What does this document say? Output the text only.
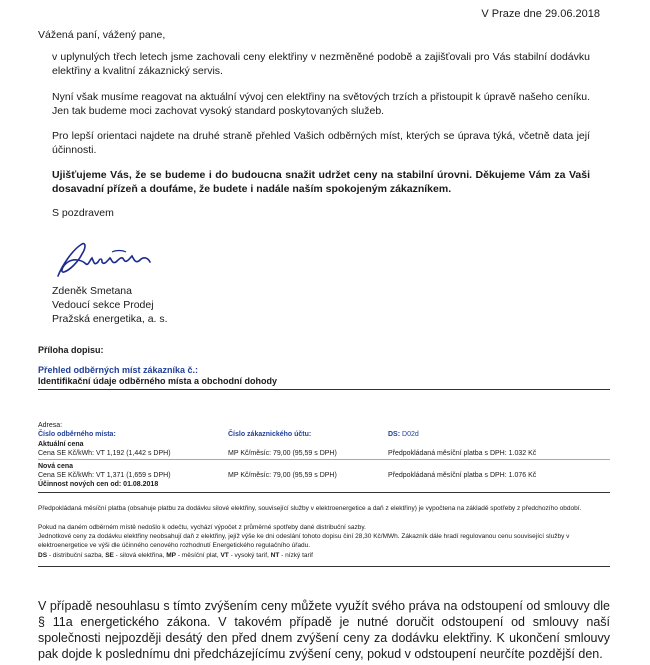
V Praze dne 29.06.2018
Vážená paní, vážený pane,
v uplynulých třech letech jsme zachovali ceny elektřiny v nezměněné podobě a zajišťovali pro Vás stabilní dodávku elektřiny a kvalitní zákaznický servis.
Nyní však musíme reagovat na aktuální vývoj cen elektřiny na světových trzích a přistoupit k úpravě našeho ceníku. Jen tak budeme moci zachovat vysoký standard poskytovaných služeb.
Pro lepší orientaci najdete na druhé straně přehled Vašich odběrných míst, kterých se úprava týká, včetně data její účinnosti.
Ujišťujeme Vás, že se budeme i do budoucna snažit udržet ceny na stabilní úrovni. Děkujeme Vám za Vaši dosavadní přízeň a doufáme, že budete i nadále naším spokojeným zákazníkem.
S pozdravem
Zdeněk Smetana
Vedoucí sekce Prodej
Pražská energetika, a. s.
Příloha dopisu:
Přehled odběrných míst zákazníka č.:
Identifikační údaje odběrného místa a obchodní dohody
Adresa:
Číslo odběrného místa:	Číslo zákaznického účtu:	DS: D02d
Aktuální cena
Cena SE Kč/kWh: VT 1,192 (1,442 s DPH)	MP Kč/měsíc: 79,00 (95,59 s DPH)	Předpokládaná měsíční platba s DPH: 1.032 Kč
Nová cena
Cena SE Kč/kWh: VT 1,371 (1,659 s DPH)	MP Kč/měsíc: 79,00 (95,59 s DPH)	Předpokládaná měsíční platba s DPH: 1.076 Kč
Účinnost nových cen od: 01.08.2018
Předpokládaná měsíční platba (obsahuje platbu za dodávku silové elektřiny, související služby v elektroenergetice a daň z elektřiny) je vypočtena na základě spotřeby z předchozího období.
Pokud na daném odběrném místě nedošlo k odečtu, vychází výpočet z průměrné spotřeby dané distribuční sazby.
Jednotkové ceny za dodávku elektřiny neobsahují daň z elektřiny, jejíž výše ke dni odeslání tohoto dopisu činí 28,30 Kč/MWh. Zákazník dále hradí regulovanou cenu související služby v elektroenergetice ve výši dle účinného cenového rozhodnutí Energetického regulačního úřadu.
DS - distribuční sazba, SE - silová elektřina, MP - měsíční plat, VT - vysoký tarif, NT - nízký tarif
V případě nesouhlasu s tímto zvýšením ceny můžete využít svého práva na odstoupení od smlouvy dle § 11a energetického zákona. V takovém případě je nutné doručit odstoupení od smlouvy naší společnosti nejpozději desátý den před dnem zvýšení ceny za dodávku elektřiny. K ukončení smlouvy pak dojde k poslednímu dni předcházejícímu zvýšení ceny, pokud v odstoupení neurčíte pozdější den.
